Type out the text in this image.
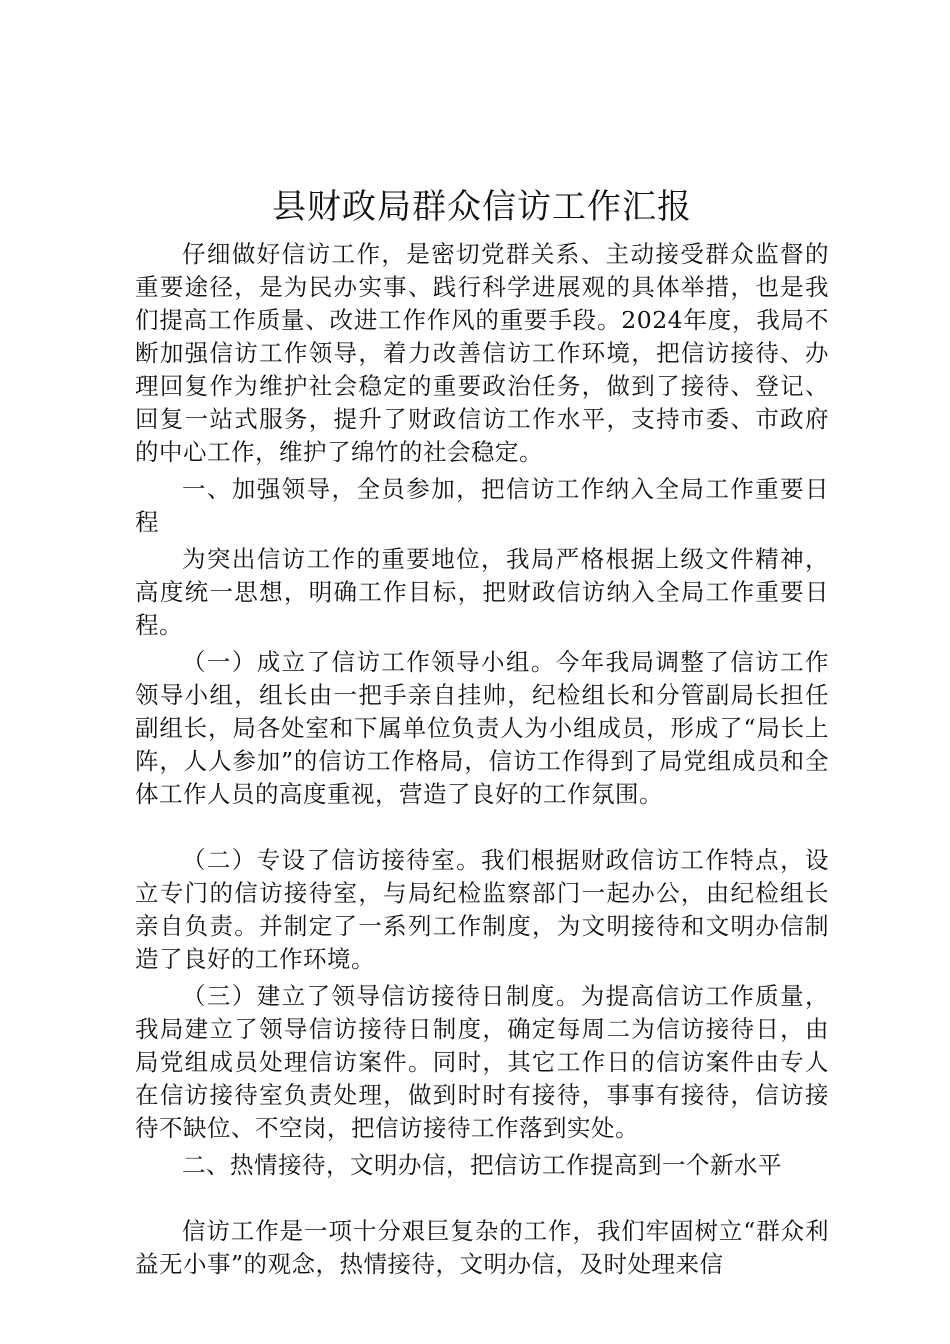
县财政局群众信访工作汇报

仔细做好信访工作，是密切党群关系、主动接受群众监督的重要途径，是为民办实事、践行科学进展观的具体举措，也是我们提高工作质量、改进工作作风的重要手段。2024年度，我局不断加强信访工作领导，着力改善信访工作环境，把信访接待、办理回复作为维护社会稳定的重要政治任务，做到了接待、登记、回复一站式服务，提升了财政信访工作水平，支持市委、市政府的中心工作，维护了绵竹的社会稳定。

一、加强领导，全员参加，把信访工作纳入全局工作重要日程

为突出信访工作的重要地位，我局严格根据上级文件精神，高度统一思想，明确工作目标，把财政信访纳入全局工作重要日程。

（一）成立了信访工作领导小组。今年我局调整了信访工作领导小组，组长由一把手亲自挂帅，纪检组长和分管副局长担任副组长，局各处室和下属单位负责人为小组成员，形成了“局长上阵，人人参加”的信访工作格局，信访工作得到了局党组成员和全体工作人员的高度重视，营造了良好的工作氛围。

（二）专设了信访接待室。我们根据财政信访工作特点，设立专门的信访接待室，与局纪检监察部门一起办公，由纪检组长亲自负责。并制定了一系列工作制度，为文明接待和文明办信制造了良好的工作环境。

（三）建立了领导信访接待日制度。为提高信访工作质量，我局建立了领导信访接待日制度，确定每周二为信访接待日，由局党组成员处理信访案件。同时，其它工作日的信访案件由专人在信访接待室负责处理，做到时时有接待，事事有接待，信访接待不缺位、不空岗，把信访接待工作落到实处。

二、热情接待，文明办信，把信访工作提高到一个新水平

信访工作是一项十分艰巨复杂的工作，我们牢固树立“群众利益无小事”的观念，热情接待，文明办信，及时处理来信
